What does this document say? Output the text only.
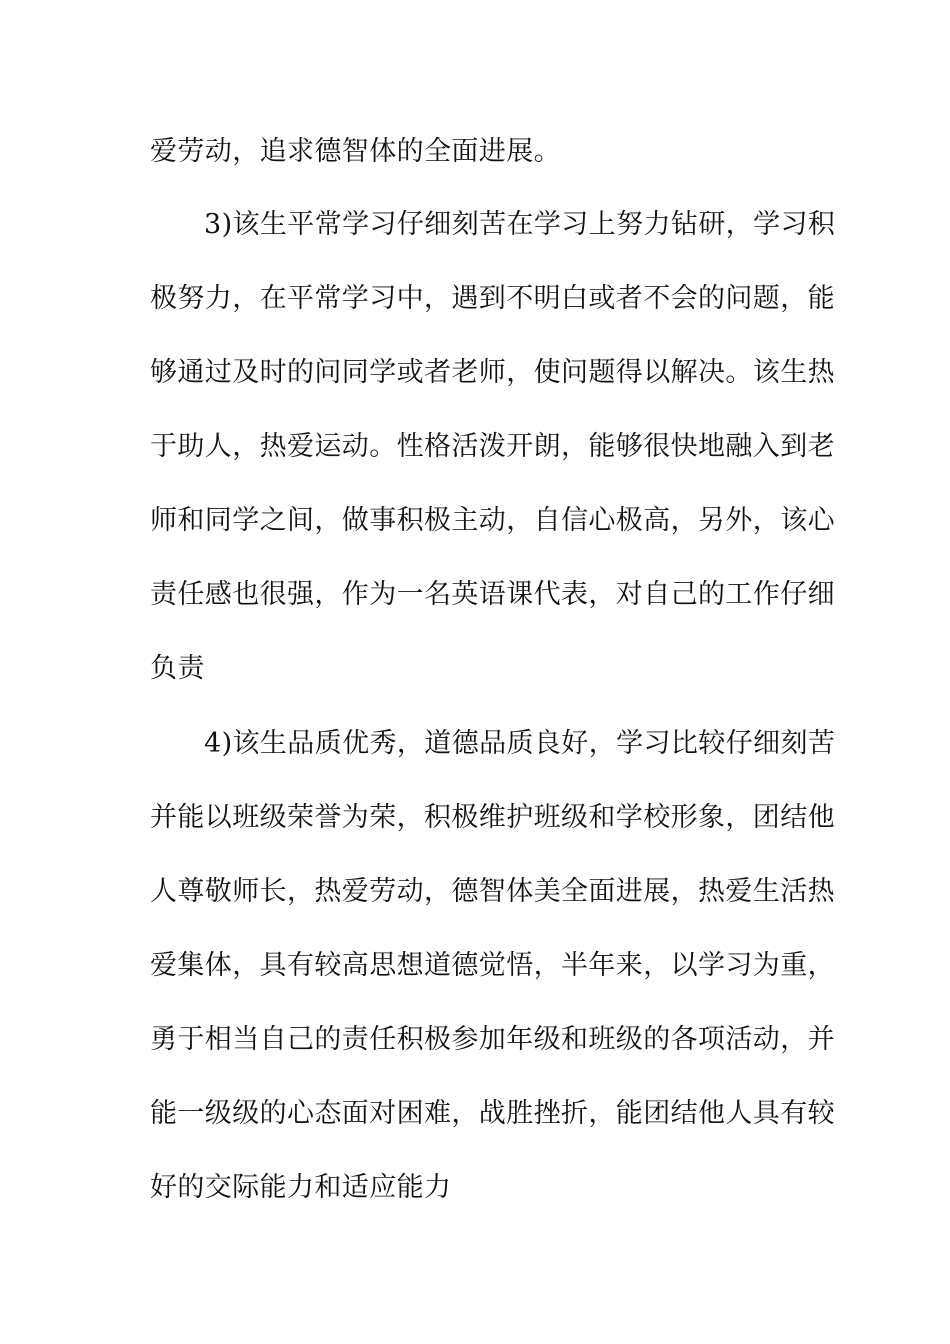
爱劳动，追求德智体的全面进展。
3)该生平常学习仔细刻苦在学习上努力钻研，学习积
极努力，在平常学习中，遇到不明白或者不会的问题，能
够通过及时的问同学或者老师，使问题得以解决。该生热
于助人，热爱运动。性格活泼开朗，能够很快地融入到老
师和同学之间，做事积极主动，自信心极高，另外，该心
责任感也很强，作为一名英语课代表，对自己的工作仔细
负责
4)该生品质优秀，道德品质良好，学习比较仔细刻苦
并能以班级荣誉为荣，积极维护班级和学校形象，团结他
人尊敬师长，热爱劳动，德智体美全面进展，热爱生活热
爱集体，具有较高思想道德觉悟，半年来，以学习为重，
勇于相当自己的责任积极参加年级和班级的各项活动，并
能一级级的心态面对困难，战胜挫折，能团结他人具有较
好的交际能力和适应能力
